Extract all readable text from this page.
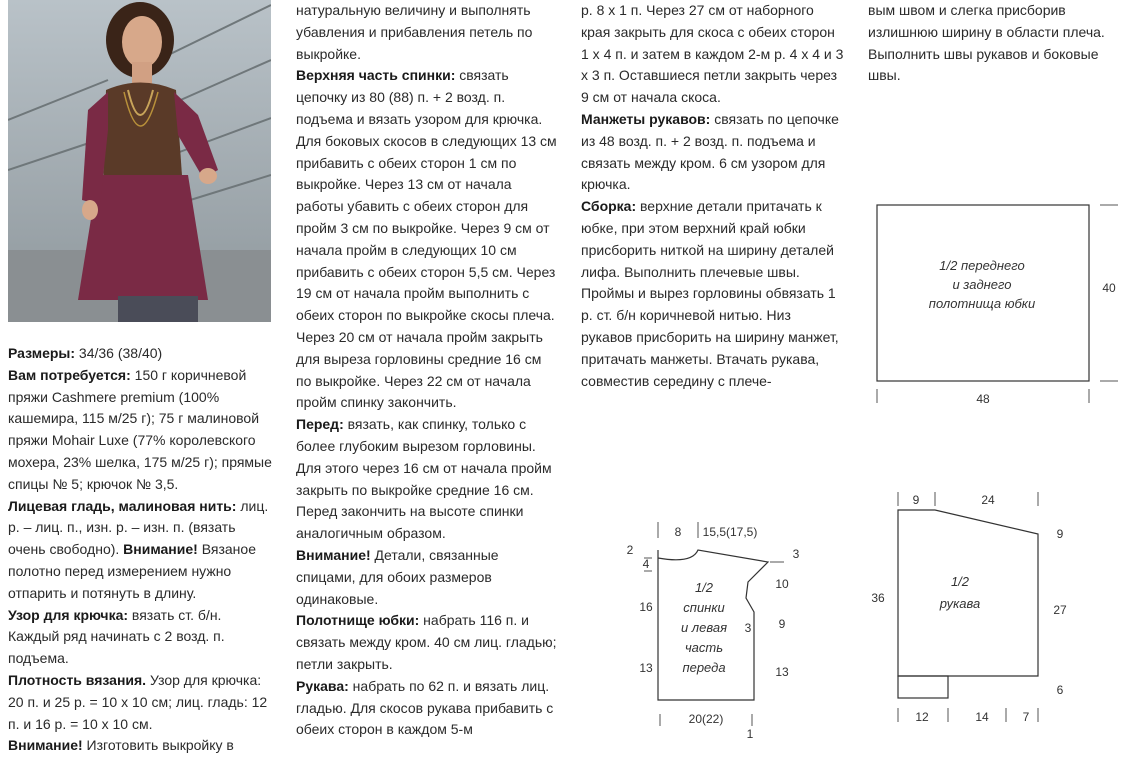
Размеры: 34/36 (38/40)

Вам потребуется: 150 г коричневой пряжи Cashmere premium (100% кашемира, 115 м/25 г); 75 г малиновой пряжи Mohair Luxe (77% королевского мохера, 23% шелка, 175 м/25 г); прямые спицы № 5; крючок № 3,5.

Лицевая гладь, малиновая нить: лиц. р. – лиц. п., изн. р. – изн. п. (вязать очень свободно). Внимание! Вязаное полотно перед измерением нужно отпарить и потянуть в длину.

Узор для крючка: вязать ст. б/н. Каждый ряд начинать с 2 возд. п. подъема.

Плотность вязания. Узор для крючка: 20 п. и 25 р. = 10 x 10 см; лиц. гладь: 12 п. и 16 р. = 10 x 10 см.

Внимание! Изготовить выкройку в

натуральную величину и выполнять убавления и прибавления петель по выкройке.

Верхняя часть спинки: связать цепочку из 80 (88) п. + 2 возд. п. подъема и вязать узором для крючка. Для боковых скосов в следующих 13 см прибавить с обеих сторон 1 см по выкройке. Через 13 см от начала работы убавить с обеих сторон для пройм 3 см по выкройке. Через 9 см от начала пройм в следующих 10 см прибавить с обеих сторон 5,5 см. Через 19 см от начала пройм выполнить с обеих сторон по выкройке скосы плеча. Через 20 см от начала пройм закрыть для выреза горловины средние 16 см по выкройке. Через 22 см от начала пройм спинку закончить.

Перед: вязать, как спинку, только с более глубоким вырезом горловины. Для этого через 16 см от начала пройм закрыть по выкройке средние 16 см. Перед закончить на высоте спинки аналогичным образом.

Внимание! Детали, связанные спицами, для обоих размеров одинаковые.

Полотнище юбки: набрать 116 п. и связать между кром. 40 см лиц. гладью; петли закрыть.

Рукава: набрать по 62 п. и вязать лиц. гладью. Для скосов рукава прибавить с обеих сторон в каждом 5-м

р. 8 x 1 п. Через 27 см от наборного края закрыть для скоса с обеих сторон 1 x 4 п. и затем в каждом 2-м р. 4 x 4 и 3 x 3 п. Оставшиеся петли закрыть через 9 см от начала скоса.

Манжеты рукавов: связать по цепочке из 48 возд. п. + 2 возд. п. подъема и связать между кром. 6 см узором для крючка.

Сборка: верхние детали притачать к юбке, при этом верхний край юбки присборить ниткой на ширину деталей лифа. Выполнить плечевые швы. Проймы и вырез горловины обвязать 1 р. ст. б/н коричневой нитью. Низ рукавов присборить на ширину манжет, притачать манжеты. Втачать рукава, совместив середину с плече-

вым швом и слегка присборив излишнюю ширину в области плеча. Выполнить швы рукавов и боковые швы.

1/2 переднего
и заднего
полотнища юбки
40
48
8 15,5(17,5)
2
4
16
13
3
10
3 9
13
1/2
спинки
и левая
часть
переда
20(22)
1
9	24
9
36
27
6
1/2
рукава
12	14	7
